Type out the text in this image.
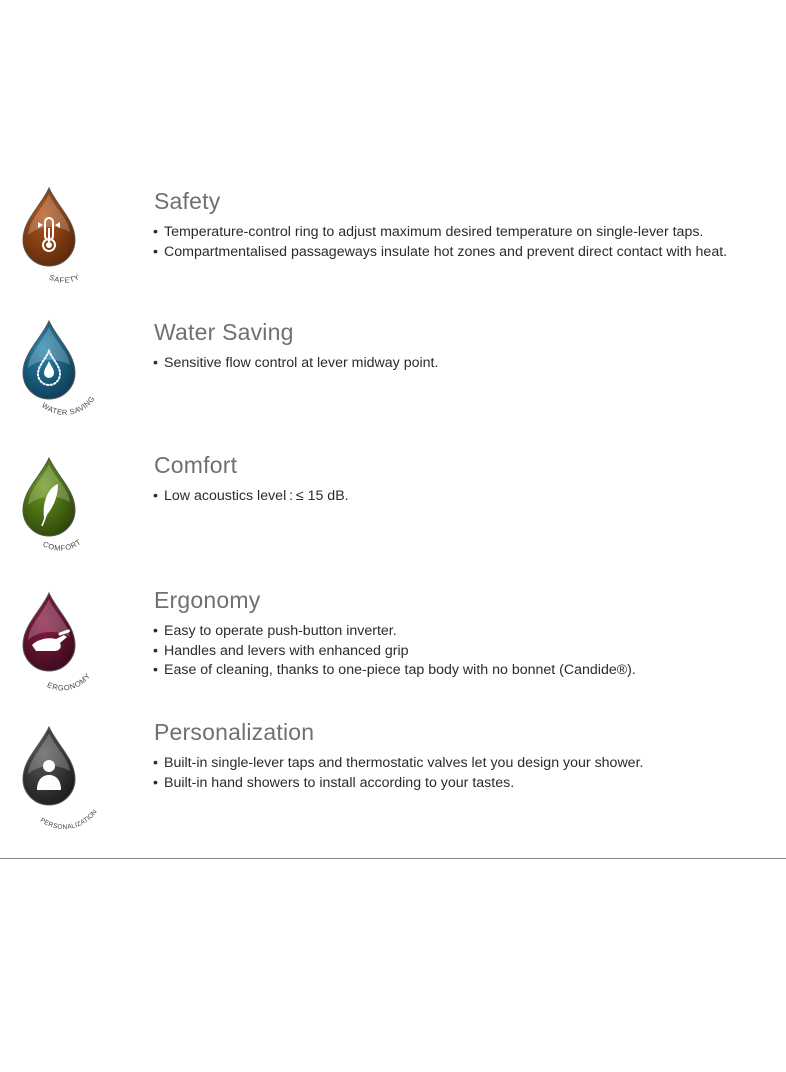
SAFETY
Safety
• Temperature-control ring to adjust maximum desired temperature on single-lever taps.
• Compartmentalised passageways insulate hot zones and prevent direct contact with heat.
WATER SAVING
Water Saving
• Sensitive flow control at lever midway point.
COMFORT
Comfort
• Low acoustics level : ≤ 15 dB.
ERGONOMY
Ergonomy
• Easy to operate push-button inverter.
• Handles and levers with enhanced grip
• Ease of cleaning, thanks to one-piece tap body with no bonnet (Candide®).
PERSONALIZATION
Personalization
• Built-in single-lever taps and thermostatic valves let you design your shower.
• Built-in hand showers to install according to your tastes.
